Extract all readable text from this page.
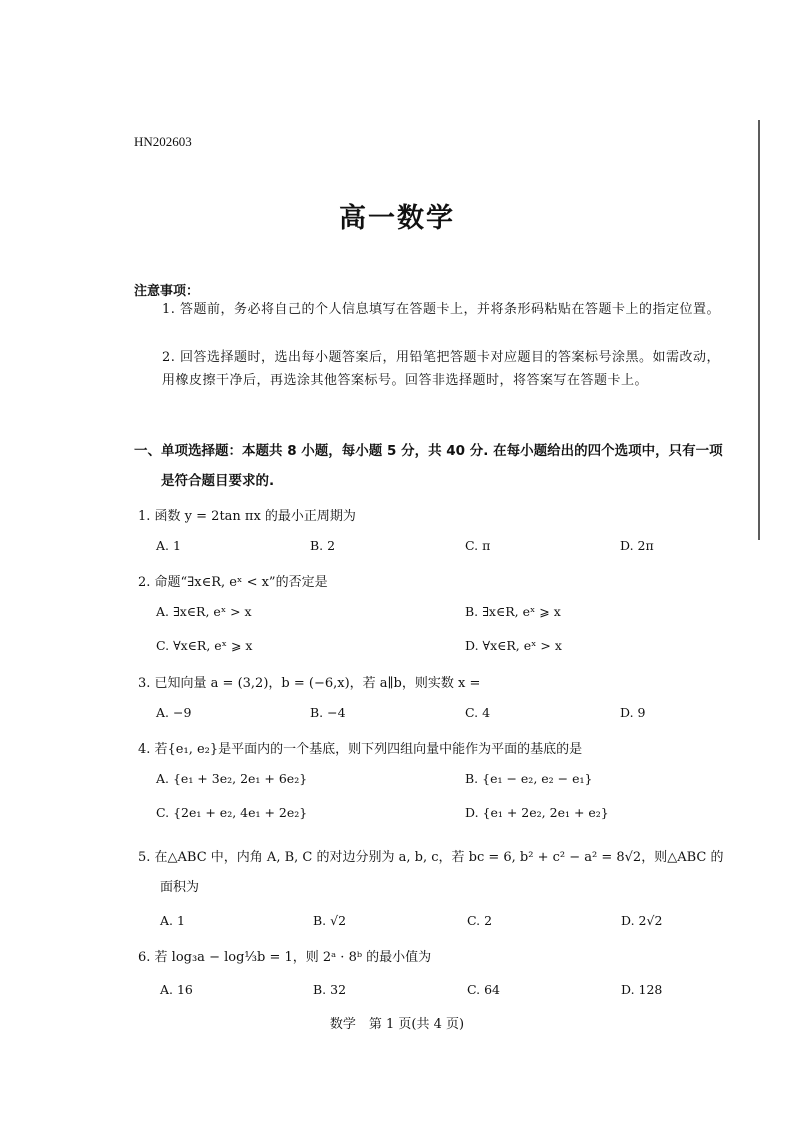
HN202603
高一数学
注意事项：
1. 答题前，务必将自己的个人信息填写在答题卡上，并将条形码粘贴在答题卡上的指定位置。
2. 回答选择题时，选出每小题答案后，用铅笔把答题卡对应题目的答案标号涂黑。如需改动，用橡皮擦干净后，再选涂其他答案标号。回答非选择题时，将答案写在答题卡上。
一、单项选择题：本题共 8 小题，每小题 5 分，共 40 分. 在每小题给出的四个选项中，只有一项
是符合题目要求的.
1. 函数 y = 2tan πx 的最小正周期为
A. 1	B. 2	C. π	D. 2π
2. 命题“∃x∈R, eˣ < x”的否定是
A. ∃x∈R, eˣ > x	B. ∃x∈R, eˣ ⩾ x
C. ∀x∈R, eˣ ⩾ x	D. ∀x∈R, eˣ > x
3. 已知向量 a = (3,2)，b = (−6,x)，若 a∥b，则实数 x =
A. −9	B. −4	C. 4	D. 9
4. 若{e₁, e₂}是平面内的一个基底，则下列四组向量中能作为平面的基底的是
A. {e₁ + 3e₂, 2e₁ + 6e₂}	B. {e₁ − e₂, e₂ − e₁}
C. {2e₁ + e₂, 4e₁ + 2e₂}	D. {e₁ + 2e₂, 2e₁ + e₂}
5. 在△ABC 中，内角 A, B, C 的对边分别为 a, b, c，若 bc = 6, b² + c² − a² = 8√2，则△ABC 的
面积为
A. 1	B. √2	C. 2	D. 2√2
6. 若 log₃a − log⅓b = 1，则 2ᵃ · 8ᵇ 的最小值为
A. 16	B. 32	C. 64	D. 128
数学　第 1 页(共 4 页)
